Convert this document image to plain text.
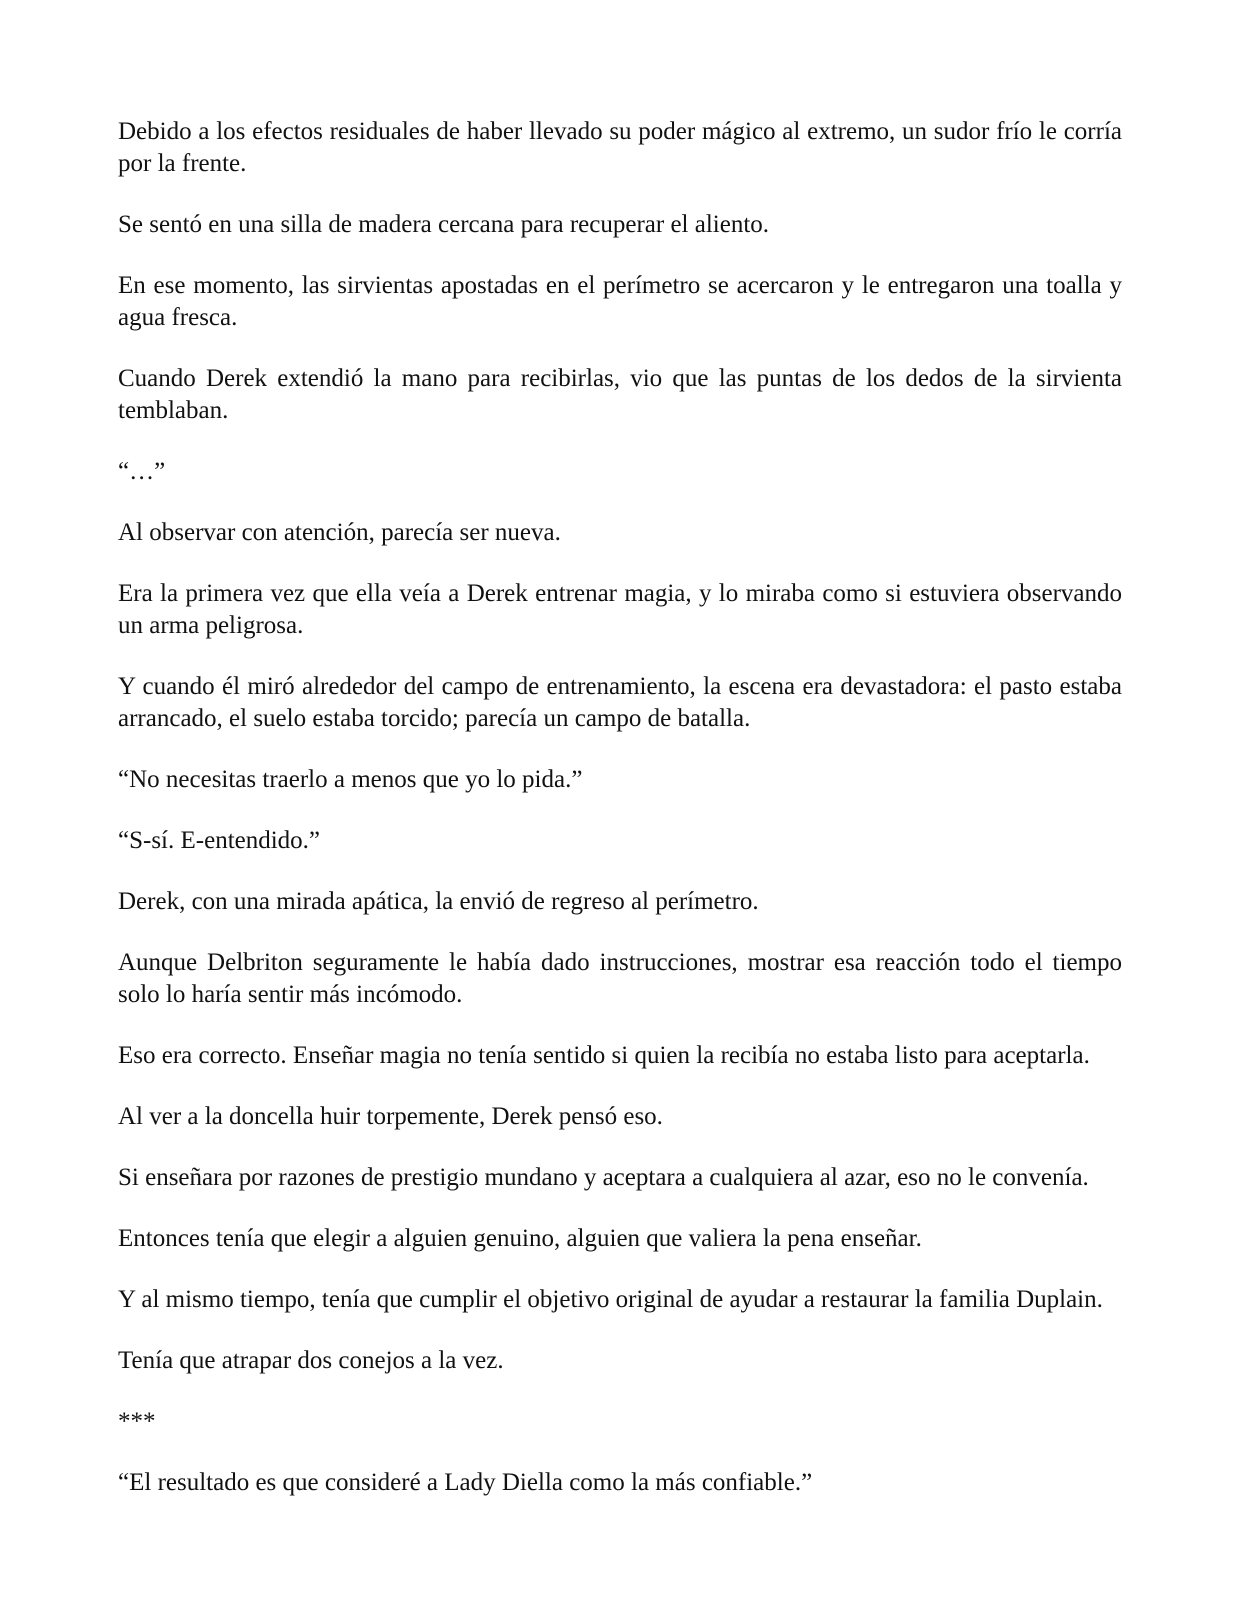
Debido a los efectos residuales de haber llevado su poder mágico al extremo, un sudor frío le corría por la frente.

Se sentó en una silla de madera cercana para recuperar el aliento.

En ese momento, las sirvientas apostadas en el perímetro se acercaron y le entregaron una toalla y agua fresca.

Cuando Derek extendió la mano para recibirlas, vio que las puntas de los dedos de la sirvienta temblaban.

“…”

Al observar con atención, parecía ser nueva.

Era la primera vez que ella veía a Derek entrenar magia, y lo miraba como si estuviera observando un arma peligrosa.

Y cuando él miró alrededor del campo de entrenamiento, la escena era devastadora: el pasto estaba arrancado, el suelo estaba torcido; parecía un campo de batalla.

“No necesitas traerlo a menos que yo lo pida.”

“S-sí. E-entendido.”

Derek, con una mirada apática, la envió de regreso al perímetro.

Aunque Delbriton seguramente le había dado instrucciones, mostrar esa reacción todo el tiempo solo lo haría sentir más incómodo.

Eso era correcto. Enseñar magia no tenía sentido si quien la recibía no estaba listo para aceptarla.

Al ver a la doncella huir torpemente, Derek pensó eso.

Si enseñara por razones de prestigio mundano y aceptara a cualquiera al azar, eso no le convenía.

Entonces tenía que elegir a alguien genuino, alguien que valiera la pena enseñar.

Y al mismo tiempo, tenía que cumplir el objetivo original de ayudar a restaurar la familia Duplain.

Tenía que atrapar dos conejos a la vez.

***

“El resultado es que consideré a Lady Diella como la más confiable.”
